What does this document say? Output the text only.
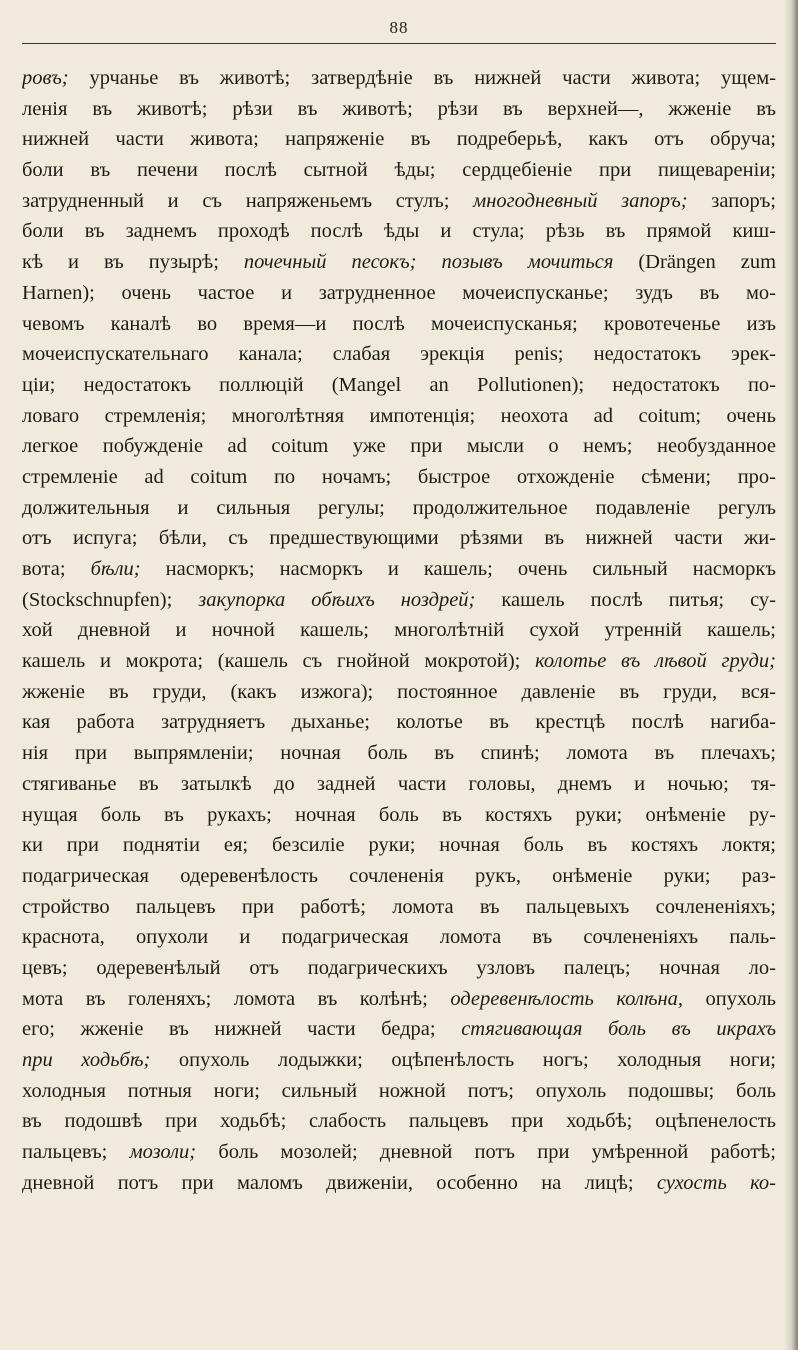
88
ровъ; урчанье въ животѣ; затвердѣніе въ нижней части живота; ущем-
ленія въ животѣ; рѣзи въ животѣ; рѣзи въ верхней—, жженіе въ
нижней части живота; напряженіе въ подреберьѣ, какъ отъ обруча;
боли въ печени послѣ сытной ѣды; сердцебіеніе при пищевареніи;
затрудненный и съ напряженьемъ стулъ; многодневный запоръ; запоръ;
боли въ заднемъ проходѣ послѣ ѣды и стула; рѣзь въ прямой киш-
кѣ и въ пузырѣ; почечный песокъ; позывъ мочиться (Drängen zum
Harnen); очень частое и затрудненное мочеиспусканье; зудъ въ мо-
чевомъ каналѣ во время—и послѣ мочеиспусканья; кровотеченье изъ
мочеиспускательнаго канала; слабая эрекція penis; недостатокъ эрек-
ціи; недостатокъ поллюцій (Mangel an Pollutionen); недостатокъ по-
ловаго стремленія; многолѣтняя импотенція; неохота ad coitum; очень
легкое побужденіе ad coitum уже при мысли о немъ; необузданное
стремленіе ad coitum по ночамъ; быстрое отхожденіе сѣмени; про-
должительныя и сильныя регулы; продолжительное подавленіе регулъ
отъ испуга; бѣли, съ предшествующими рѣзями въ нижней части жи-
вота; бѣли; насморкъ; насморкъ и кашель; очень сильный насморкъ
(Stockschnupfen); закупорка обѣихъ ноздрей; кашель послѣ питья; су-
хой дневной и ночной кашель; многолѣтній сухой утренній кашель;
кашель и мокрота; (кашель съ гнойной мокротой); колотье въ лѣвой груди;
жженіе въ груди, (какъ изжога); постоянное давленіе въ груди, вся-
кая работа затрудняетъ дыханье; колотье въ крестцѣ послѣ нагиба-
нія при выпрямленіи; ночная боль въ спинѣ; ломота въ плечахъ;
стягиванье въ затылкѣ до задней части головы, днемъ и ночью; тя-
нущая боль въ рукахъ; ночная боль въ костяхъ руки; онѣменіе ру-
ки при поднятіи ея; безсиліе руки; ночная боль въ костяхъ локтя;
подагрическая одеревенѣлость сочлененія рукъ, онѣменіе руки; раз-
стройство пальцевъ при работѣ; ломота въ пальцевыхъ сочлененіяхъ;
краснота, опухоли и подагрическая ломота въ сочлененіяхъ паль-
цевъ; одеревенѣлый отъ подагрическихъ узловъ палецъ; ночная ло-
мота въ голеняхъ; ломота въ колѣнѣ; одеревенѣлость колѣна, опухоль
его; жженіе въ нижней части бедра; стягивающая боль въ икрахъ
при ходьбѣ; опухоль лодыжки; оцѣпенѣлость ногъ; холодныя ноги;
холодныя потныя ноги; сильный ножной потъ; опухоль подошвы; боль
въ подошвѣ при ходьбѣ; слабость пальцевъ при ходьбѣ; оцѣпенелость
пальцевъ; мозоли; боль мозолей; дневной потъ при умѣренной работѣ;
дневной потъ при маломъ движеніи, особенно на лицѣ; сухость ко-
